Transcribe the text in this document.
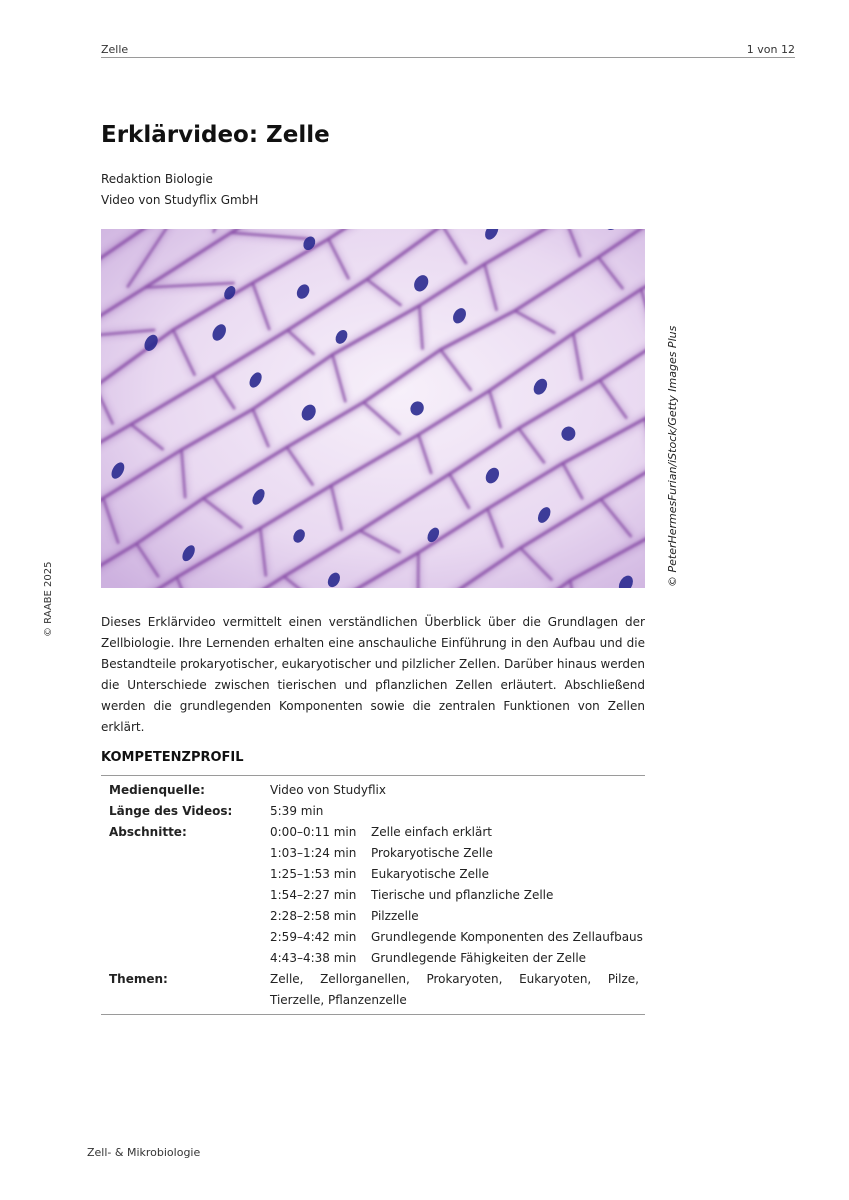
Zelle	1 von 12
Erklärvideo: Zelle
Redaktion Biologie
Video von Studyflix GmbH
© PeterHermesFurian/iStock/Getty Images Plus
© RAABE 2025	Dieses Erklärvideo vermittelt einen verständlichen Überblick über die Grundlagen der Zellbiologie. Ihre Lernenden erhalten eine anschauliche Einführung in den Aufbau und die Bestandteile prokaryotischer, eukaryotischer und pilzlicher Zellen. Darüber hinaus werden die Unterschiede zwischen tierischen und pflanzlichen Zellen erläutert. Abschließend werden die grundlegenden Komponenten sowie die zentralen Funktionen von Zellen erklärt.

KOMPETENZPROFIL
Medienquelle:	Video von Studyflix
Länge des Videos:	5:39 min
Abschnitte:	0:00–0:11 min	Zelle einfach erklärt
1:03–1:24 min	Prokaryotische Zelle
1:25–1:53 min	Eukaryotische Zelle
1:54–2:27 min	Tierische und pflanzliche Zelle
2:28–2:58 min	Pilzzelle
2:59–4:42 min	Grundlegende Komponenten des Zellaufbaus
4:43–4:38 min	Grundlegende Fähigkeiten der Zelle
Themen:	Zelle, Zellorganellen, Prokaryoten, Eukaryoten, Pilze, Tierzelle, Pflanzenzelle
Zell- & Mikrobiologie
